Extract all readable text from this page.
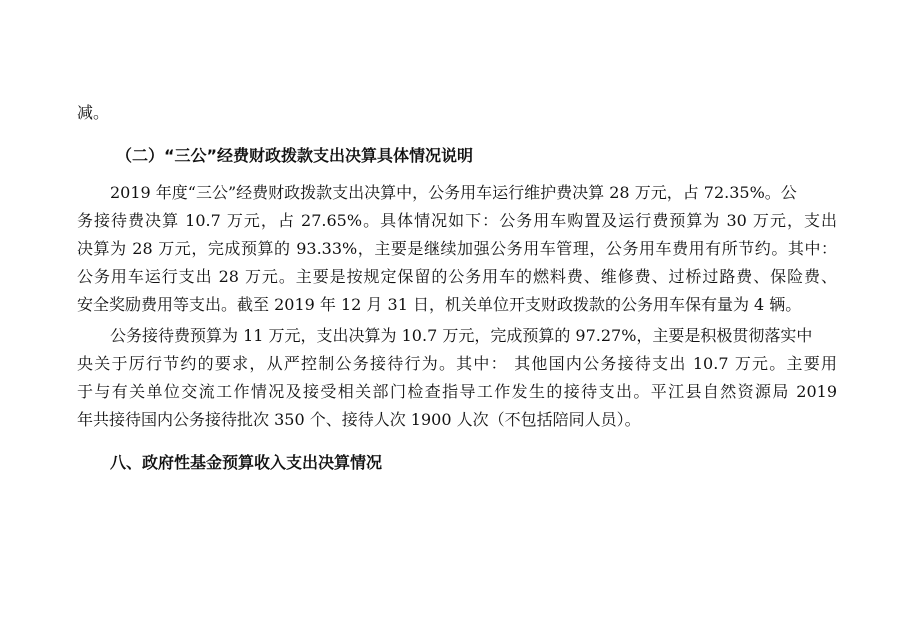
减。
（二）“三公”经费财政拨款支出决算具体情况说明
2019 年度“三公”经费财政拨款支出决算中，公务用车运行维护费决算 28 万元，占 72.35%。公
务接待费决算 10.7 万元，占 27.65%。具体情况如下：公务用车购置及运行费预算为 30 万元，支出
决算为 28 万元，完成预算的 93.33%，主要是继续加强公务用车管理，公务用车费用有所节约。其中：
公务用车运行支出 28 万元。主要是按规定保留的公务用车的燃料费、维修费、过桥过路费、保险费、
安全奖励费用等支出。截至 2019 年 12 月 31 日，机关单位开支财政拨款的公务用车保有量为 4 辆。
公务接待费预算为 11 万元，支出决算为 10.7 万元，完成预算的 97.27%，主要是积极贯彻落实中
央关于厉行节约的要求，从严控制公务接待行为。其中： 其他国内公务接待支出 10.7 万元。主要用
于与有关单位交流工作情况及接受相关部门检查指导工作发生的接待支出。平江县自然资源局 2019
年共接待国内公务接待批次 350 个、接待人次 1900 人次（不包括陪同人员）。
八、政府性基金预算收入支出决算情况
